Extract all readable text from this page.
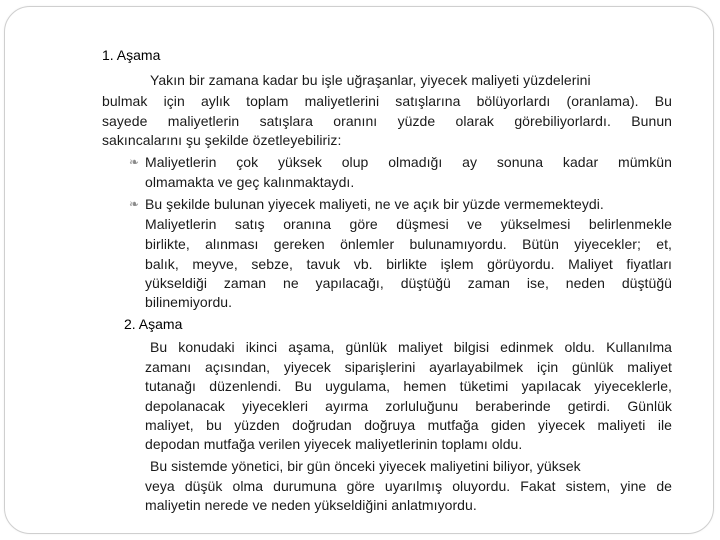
1. Aşama
Yakın bir zamana kadar bu işle uğraşanlar, yiyecek maliyeti yüzdelerini
bulmak için aylık toplam maliyetlerini satışlarına bölüyorlardı (oranlama). Bu
sayede maliyetlerin satışlara oranını yüzde olarak görebiliyorlardı. Bunun
sakıncalarını şu şekilde özetleyebiliriz:
❧ Maliyetlerin çok yüksek olup olmadığı ay sonuna kadar mümkün
olmamakta ve geç kalınmaktaydı.
❧ Bu şekilde bulunan yiyecek maliyeti, ne ve açık bir yüzde vermemekteydi.
Maliyetlerin satış oranına göre düşmesi ve yükselmesi belirlenmekle
birlikte, alınması gereken önlemler bulunamıyordu. Bütün yiyecekler; et,
balık, meyve, sebze, tavuk vb. birlikte işlem görüyordu. Maliyet fiyatları
yükseldiği zaman ne yapılacağı, düştüğü zaman ise, neden düştüğü
bilinemiyordu.
2. Aşama
Bu konudaki ikinci aşama, günlük maliyet bilgisi edinmek oldu. Kullanılma
zamanı açısından, yiyecek siparişlerini ayarlayabilmek için günlük maliyet
tutanağı düzenlendi. Bu uygulama, hemen tüketimi yapılacak yiyeceklerle,
depolanacak yiyecekleri ayırma zorluluğunu beraberinde getirdi. Günlük
maliyet, bu yüzden doğrudan doğruya mutfağa giden yiyecek maliyeti ile
depodan mutfağa verilen yiyecek maliyetlerinin toplamı oldu.
Bu sistemde yönetici, bir gün önceki yiyecek maliyetini biliyor, yüksek
veya düşük olma durumuna göre uyarılmış oluyordu. Fakat sistem, yine de
maliyetin nerede ve neden yükseldiğini anlatmıyordu.
